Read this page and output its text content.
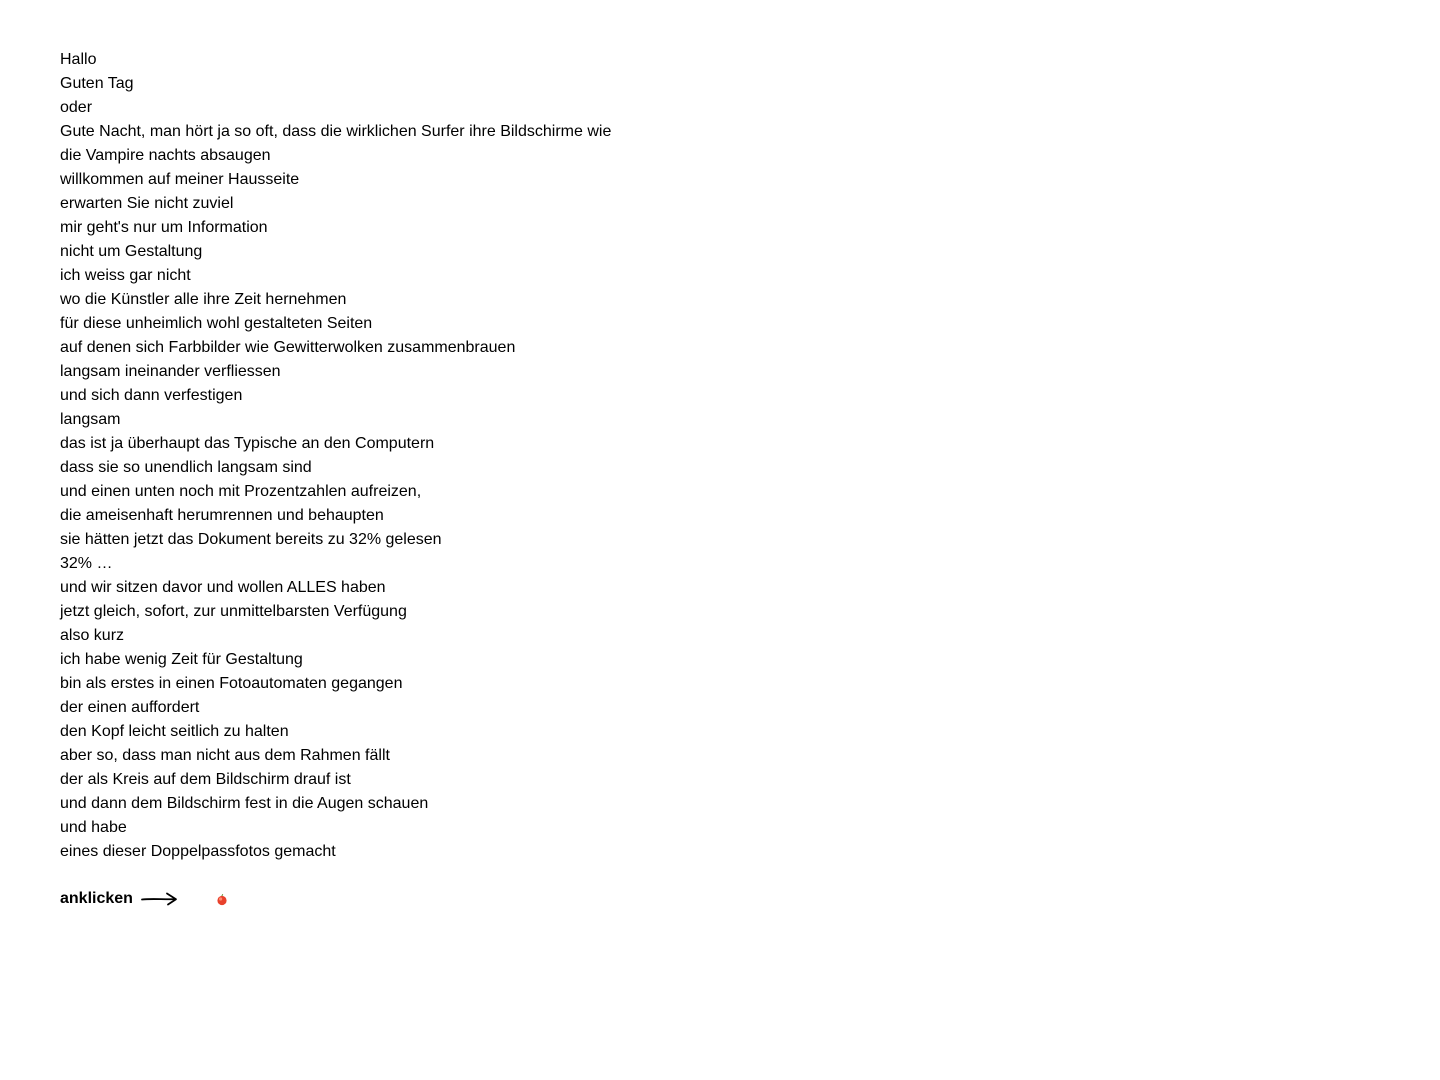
Hallo
Guten Tag
oder
Gute Nacht, man hört ja so oft, dass die wirklichen Surfer ihre Bildschirme wie
die Vampire nachts absaugen
willkommen auf meiner Hausseite
erwarten Sie nicht zuviel
mir geht's nur um Information
nicht um Gestaltung
ich weiss gar nicht
wo die Künstler alle ihre Zeit hernehmen
für diese unheimlich wohl gestalteten Seiten
auf denen sich Farbbilder wie Gewitterwolken zusammenbrauen
langsam ineinander verfliessen
und sich dann verfestigen
langsam
das ist ja überhaupt das Typische an den Computern
dass sie so unendlich langsam sind
und einen unten noch mit Prozentzahlen aufreizen,
die ameisenhaft herumrennen und behaupten
sie hätten jetzt das Dokument bereits zu 32% gelesen
32% …
und wir sitzen davor und wollen ALLES haben
jetzt gleich, sofort, zur unmittelbarsten Verfügung
also kurz
ich habe wenig Zeit für Gestaltung
bin als erstes in einen Fotoautomaten gegangen
der einen auffordert
den Kopf leicht seitlich zu halten
aber so, dass man nicht aus dem Rahmen fällt
der als Kreis auf dem Bildschirm drauf ist
und dann dem Bildschirm fest in die Augen schauen
und habe
eines dieser Doppelpassfotos gemacht
anklicken
